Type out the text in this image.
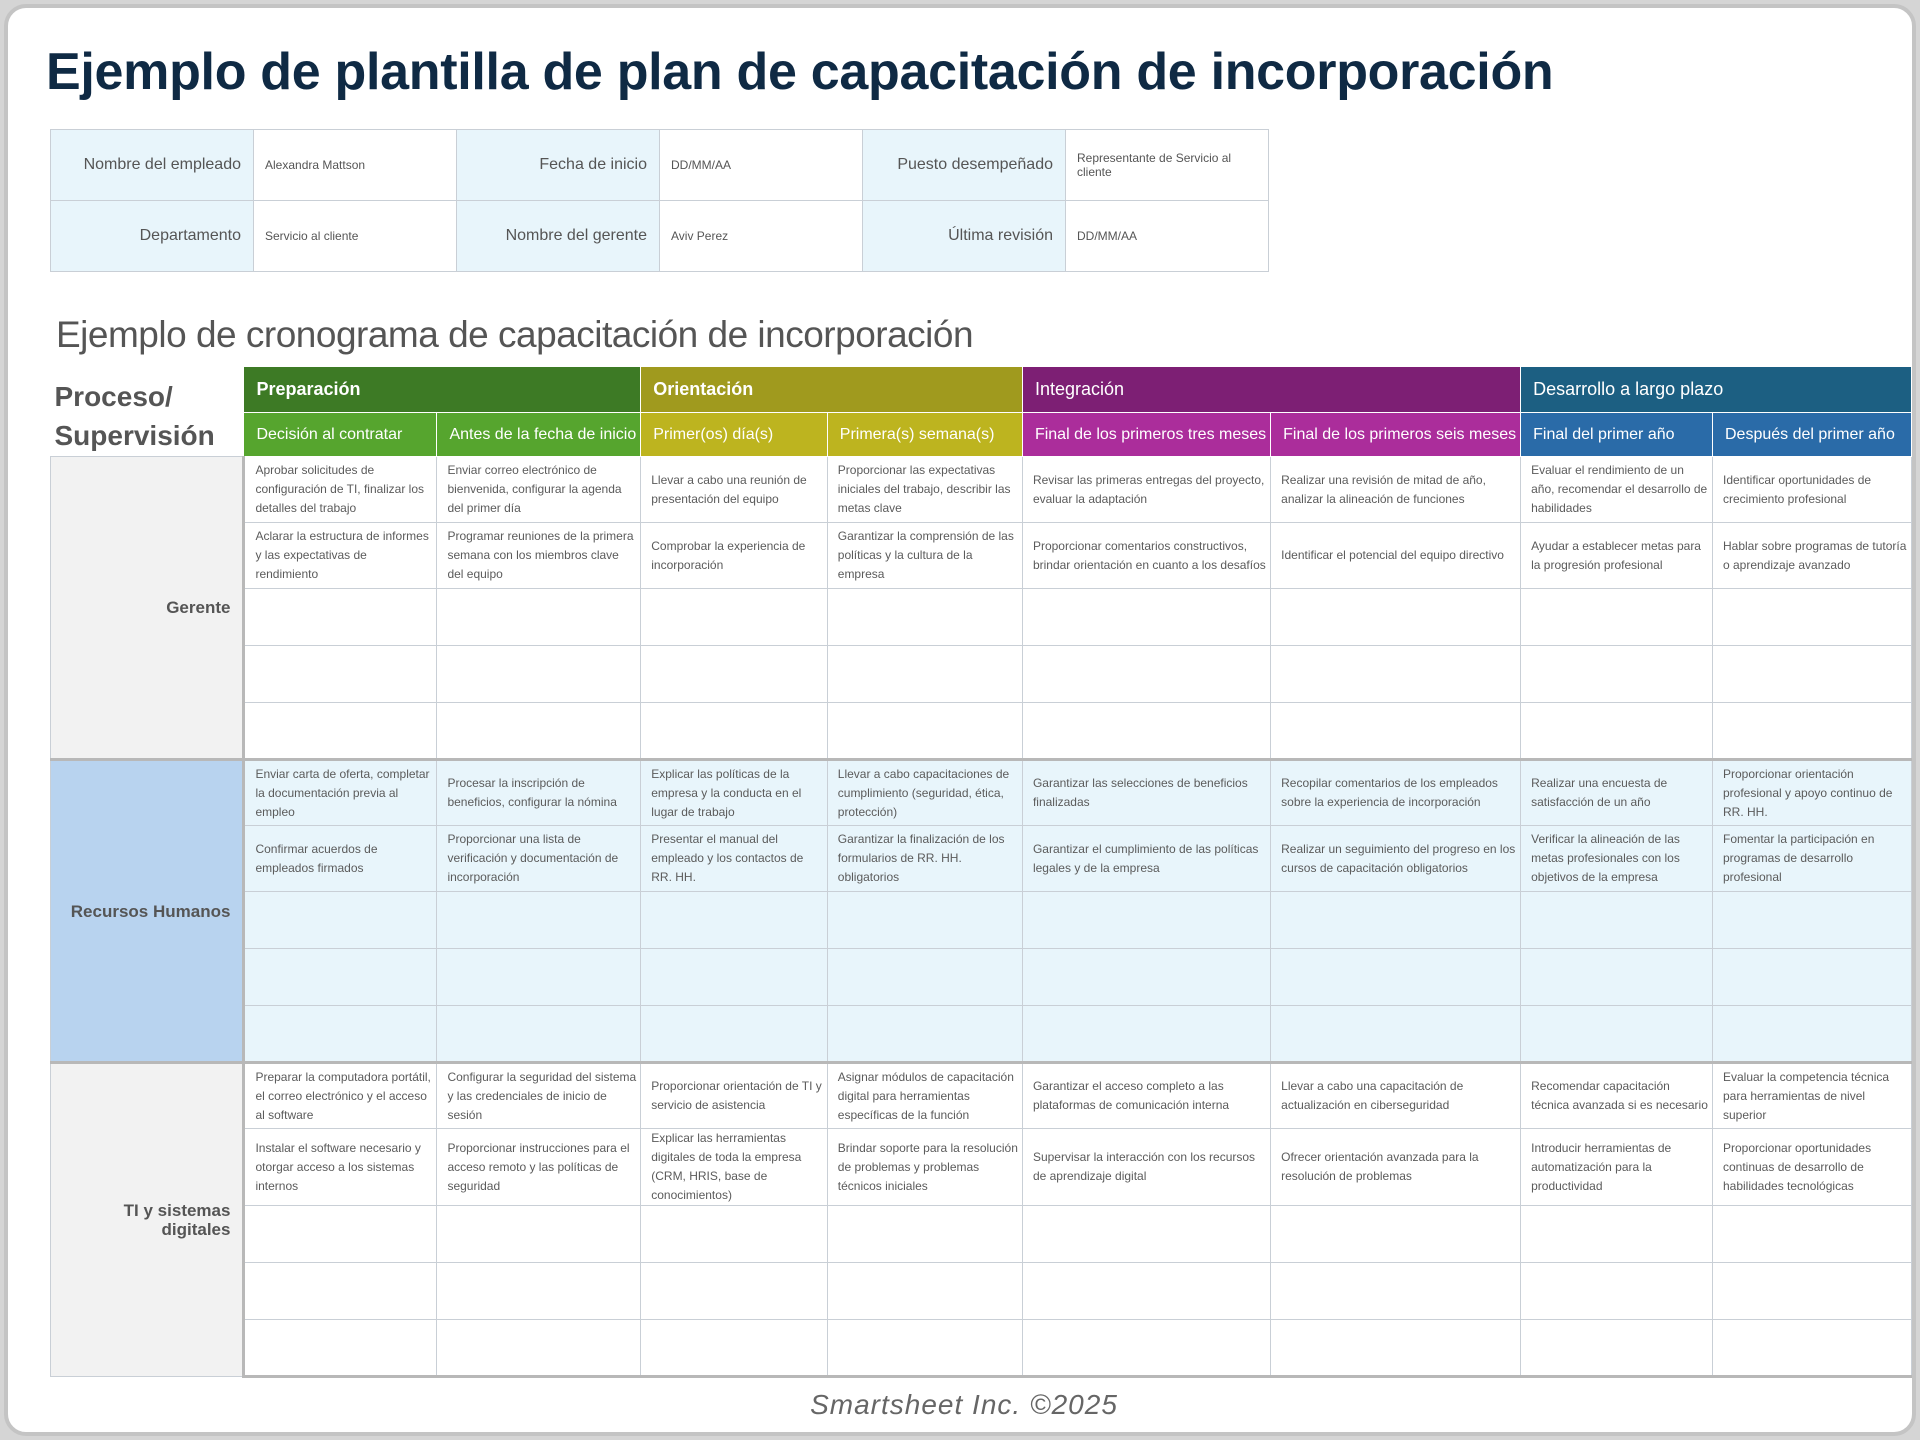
Ejemplo de plantilla de plan de capacitación de incorporación
Nombre del empleado	Alexandra Mattson	Fecha de inicio	DD/MM/AA	Puesto desempeñado	Representante de Servicio al cliente
Departamento	Servicio al cliente	Nombre del gerente	Aviv Perez	Última revisión	DD/MM/AA
Ejemplo de cronograma de capacitación de incorporación
Proceso/ Supervisión	Preparación		Orientación		Integración		Desarrollo a largo plazo	
	Decisión al contratar	Antes de la fecha de inicio	Primer(os) día(s)	Primera(s) semana(s)	Final de los primeros tres meses	Final de los primeros seis meses	Final del primer año	Después del primer año
Gerente	Aprobar solicitudes de configuración de TI, finalizar los detalles del trabajo	Enviar correo electrónico de bienvenida, configurar la agenda del primer día	Llevar a cabo una reunión de presentación del equipo	Proporcionar las expectativas iniciales del trabajo, describir las metas clave	Revisar las primeras entregas del proyecto, evaluar la adaptación	Realizar una revisión de mitad de año, analizar la alineación de funciones	Evaluar el rendimiento de un año, recomendar el desarrollo de habilidades	Identificar oportunidades de crecimiento profesional
	Aclarar la estructura de informes y las expectativas de rendimiento	Programar reuniones de la primera semana con los miembros clave del equipo	Comprobar la experiencia de incorporación	Garantizar la comprensión de las políticas y la cultura de la empresa	Proporcionar comentarios constructivos, brindar orientación en cuanto a los desafíos	Identificar el potencial del equipo directivo	Ayudar a establecer metas para la progresión profesional	Hablar sobre programas de tutoría o aprendizaje avanzado

Recursos Humanos	Enviar carta de oferta, completar la documentación previa al empleo	Procesar la inscripción de beneficios, configurar la nómina	Explicar las políticas de la empresa y la conducta en el lugar de trabajo	Llevar a cabo capacitaciones de cumplimiento (seguridad, ética, protección)	Garantizar las selecciones de beneficios finalizadas	Recopilar comentarios de los empleados sobre la experiencia de incorporación	Realizar una encuesta de satisfacción de un año	Proporcionar orientación profesional y apoyo continuo de RR. HH.
	Confirmar acuerdos de empleados firmados	Proporcionar una lista de verificación y documentación de incorporación	Presentar el manual del empleado y los contactos de RR. HH.	Garantizar la finalización de los formularios de RR. HH. obligatorios	Garantizar el cumplimiento de las políticas legales y de la empresa	Realizar un seguimiento del progreso en los cursos de capacitación obligatorios	Verificar la alineación de las metas profesionales con los objetivos de la empresa	Fomentar la participación en programas de desarrollo profesional

TI y sistemas digitales	Preparar la computadora portátil, el correo electrónico y el acceso al software	Configurar la seguridad del sistema y las credenciales de inicio de sesión	Proporcionar orientación de TI y servicio de asistencia	Asignar módulos de capacitación digital para herramientas específicas de la función	Garantizar el acceso completo a las plataformas de comunicación interna	Llevar a cabo una capacitación de actualización en ciberseguridad	Recomendar capacitación técnica avanzada si es necesario	Evaluar la competencia técnica para herramientas de nivel superior
	Instalar el software necesario y otorgar acceso a los sistemas internos	Proporcionar instrucciones para el acceso remoto y las políticas de seguridad	Explicar las herramientas digitales de toda la empresa (CRM, HRIS, base de conocimientos)	Brindar soporte para la resolución de problemas y problemas técnicos iniciales	Supervisar la interacción con los recursos de aprendizaje digital	Ofrecer orientación avanzada para la resolución de problemas	Introducir herramientas de automatización para la productividad	Proporcionar oportunidades continuas de desarrollo de habilidades tecnológicas

Smartsheet Inc. ©2025
